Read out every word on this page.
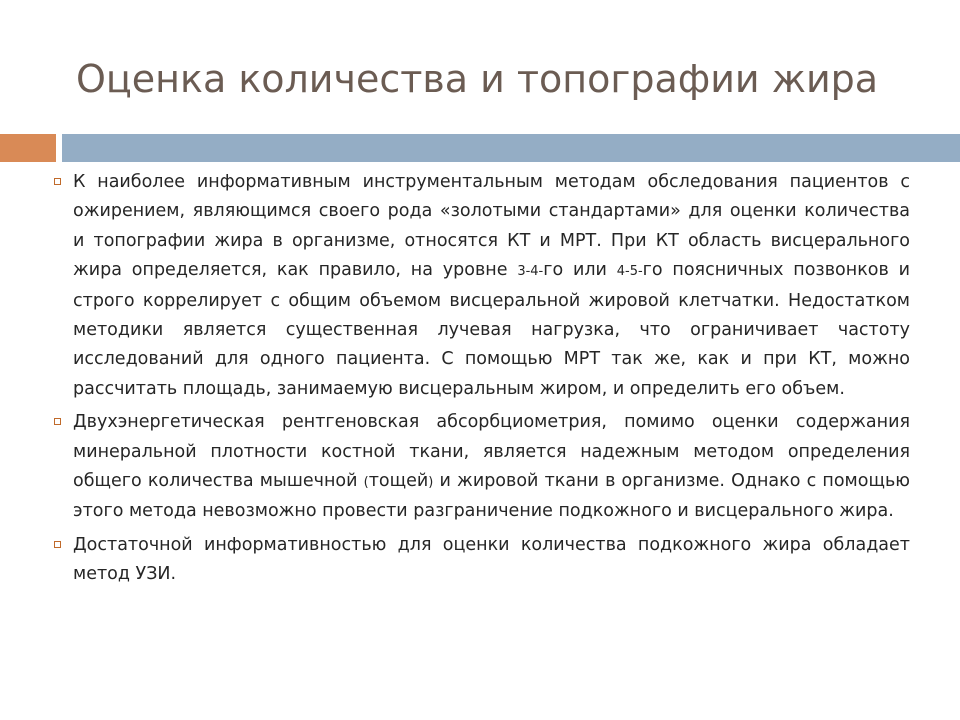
Оценка количества и топографии жира

К наиболее информативным инструментальным методам обследования пациентов с ожирением, являющимся своего рода «золотыми стандартами» для оценки количества и топографии жира в организме, относятся КТ и МРТ. При КТ область висцерального жира определяется, как правило, на уровне 3-4-го или 4-5-го поясничных позвонков и строго коррелирует с общим объемом висцеральной жировой клетчатки. Недостатком методики является существенная лучевая нагрузка, что ограничивает частоту исследований для одного пациента. С помощью МРТ так же, как и при КТ, можно рассчитать площадь, занимаемую висцеральным жиром, и определить его объем.

Двухэнергетическая рентгеновская абсорбциометрия, помимо оценки содержания минеральной плотности костной ткани, является надежным методом определения общего количества мышечной (тощей) и жировой ткани в организме. Однако с помощью этого метода невозможно провести разграничение подкожного и висцерального жира.

Достаточной информативностью для оценки количества подкожного жира обладает метод УЗИ.
